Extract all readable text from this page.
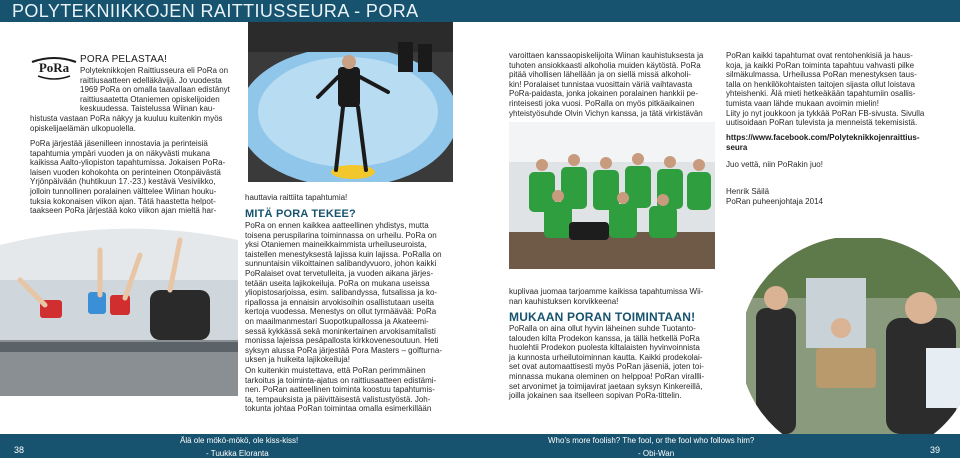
POLYTEKNIIKKOJEN RAITTIUSSEURA - PORA
PoRa
PORA PELASTAA!

Polyteknikkojen Raittiusseura eli PoRa on

raittiusaatteen edelläkävijä. Jo vuodesta

1969 PoRa on omalla taavallaan edistänyt

raittiusaatetta Otaniemen opiskelijoiden

keskuudessa. Taistelussa Wiinan kau-

histusta vastaan PoRa näkyy ja kuuluu kuitenkin myös

opiskelijaelämän ulkopuolella.

PoRa järjestää jäsenilleen innostavia ja perinteisiä

tapahtumia ympäri vuoden ja on näkyvästi mukana

kaikissa Aalto-yliopiston tapahtumissa. Jokaisen PoRa-

laisen vuoden kohokohta on perinteinen Otonpäivästä

Yrjönpäivään (huhtikuun 17.-23.) kestävä Vesiviikko,

jolloin tunnollinen poralainen välttelee Wiinan houku-

tuksia kokonaisen viikon ajan. Tätä haastetta helpot-

taakseen PoRa järjestää koko viikon ajan mieltä har-

hauttavia raittiita tapahtumia!
MITÄ PORA TEKEE?

PoRa on ennen kaikkea aatteellinen yhdistys, mutta

toisena peruspilarina toiminnassa on urheilu. PoRa on

yksi Otaniemen maineikkaimmista urheiluseuroista,

taistellen menestyksestä lajissa kuin lajissa. PoRalla on

sunnuntaisin viikoittainen salibandyvuoro, johon kaikki

PoRalaiset ovat tervetulleita, ja vuoden aikana järjes-

tetään useita lajikokeiluja. PoRa on mukana useissa

yliopistosarjoissa, esim. salibandyssa, futsalissa ja ko-

ripallossa ja ennaisin arvokisoihin osallistutaan useita

kertoja vuodessa. Menestys on ollut tyrmäävää: PoRa

on maailmanmestari Suopotkupallossa ja Akateemi-

sessä kykkässä sekä moninkertainen arvokisamitalisti

monissa lajeissa pesäpallosta kirkkovenesoutuun. Heti

syksyn alussa PoRa järjestää Pora Masters – golfturna-

uksen ja huikeita lajikokeiluja!

On kuitenkin muistettava, että PoRan perimmäinen

tarkoitus ja toiminta-ajatus on raittiusaatteen edistämi-

nen. PoRan aatteellinen toiminta koostuu tapahtumis-

ta, tempauksista ja päivittäisestä valistustyöstä. Joh-

tokunta johtaa PoRan toimintaa omalla esimerkillään

varoittaen kanssaopiskelijoita Wiinan kauhistuksesta ja

tuhoten ansiokkaasti alkoholia muiden käytöstä. PoRa

pitää vihollisen lähellään ja on siellä missä alkoholi-

kin! Poralaiset tunnistaa vuosittain väriä vaihtavasta

PoRa-paidasta, jonka jokainen poralainen hankkii pe-

rinteisesti joka vuosi. PoRalla on myös pitkäaikainen

yhteistyösuhde Olvin Vichyn kanssa, ja tätä virkistävän

kuplivaa juomaa tarjoamme kaikissa tapahtumissa Wii-

nan kauhistuksen korvikkeena!

MUKAAN PORAN TOIMINTAAN!

PoRalla on aina ollut hyvin läheinen suhde Tuotanto-

talouden kilta Prodekon kanssa, ja tällä hetkellä PoRa

huolehtii Prodekon puolesta kiltalaisten hyvinvoinnista

ja kunnosta urheilutoiminnan kautta. Kaikki prodekolai-

set ovat automaattisesti myös PoRan jäseniä, joten toi-

minnassa mukana oleminen on helppoa! PoRan virallli-

set arvonimet ja toimijavirat jaetaan syksyn Kinkereillä,

joilla jokainen saa itselleen sopivan PoRa-tittelin.

PoRan kaikki tapahtumat ovat rentohenkisiä ja haus-

koja, ja kaikki PoRan toiminta tapahtuu vahvasti pilke

silmäkulmassa. Urheilussa PoRan menestyksen taus-

talla on henkilökohtaisten taitojen sijasta ollut loistava

yhteishenki. Älä mieti hetkeäkään tapahtumiin osallis-

tumista vaan lähde mukaan avoimin mielin!

Liity jo nyt joukkoon ja tykkää PoRan FB-sivusta. Sivulla

uutisoidaan PoRan tulevista ja menneistä tekemisistä.

https://www.facebook.com/Polyteknikkojenraittius-

seura

Juo vettä, niin PoRakin juo!

Henrik Säilä

PoRan puheenjohtaja 2014

38	39
Älä ole mökö-mökö, ole kiss-kiss!
- Tuukka Eloranta
Who's more foolish? The fool, or the fool who follows him?
- Obi-Wan
